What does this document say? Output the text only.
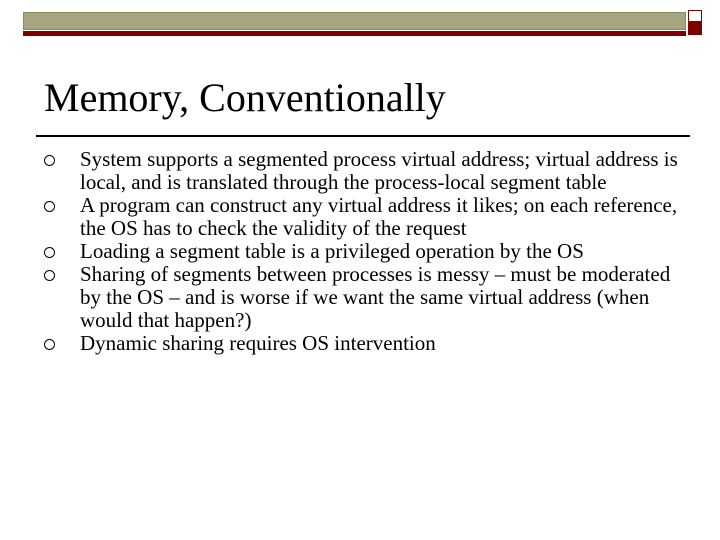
Memory, Conventionally
System supports a segmented process virtual address; virtual address is local, and is translated through the process-local segment table
A program can construct any virtual address it likes; on each reference, the OS has to check the validity of the request
Loading a segment table is a privileged operation by the OS
Sharing of segments between processes is messy – must be moderated by the OS – and is worse if we want the same virtual address (when would that happen?)
Dynamic sharing requires OS intervention
